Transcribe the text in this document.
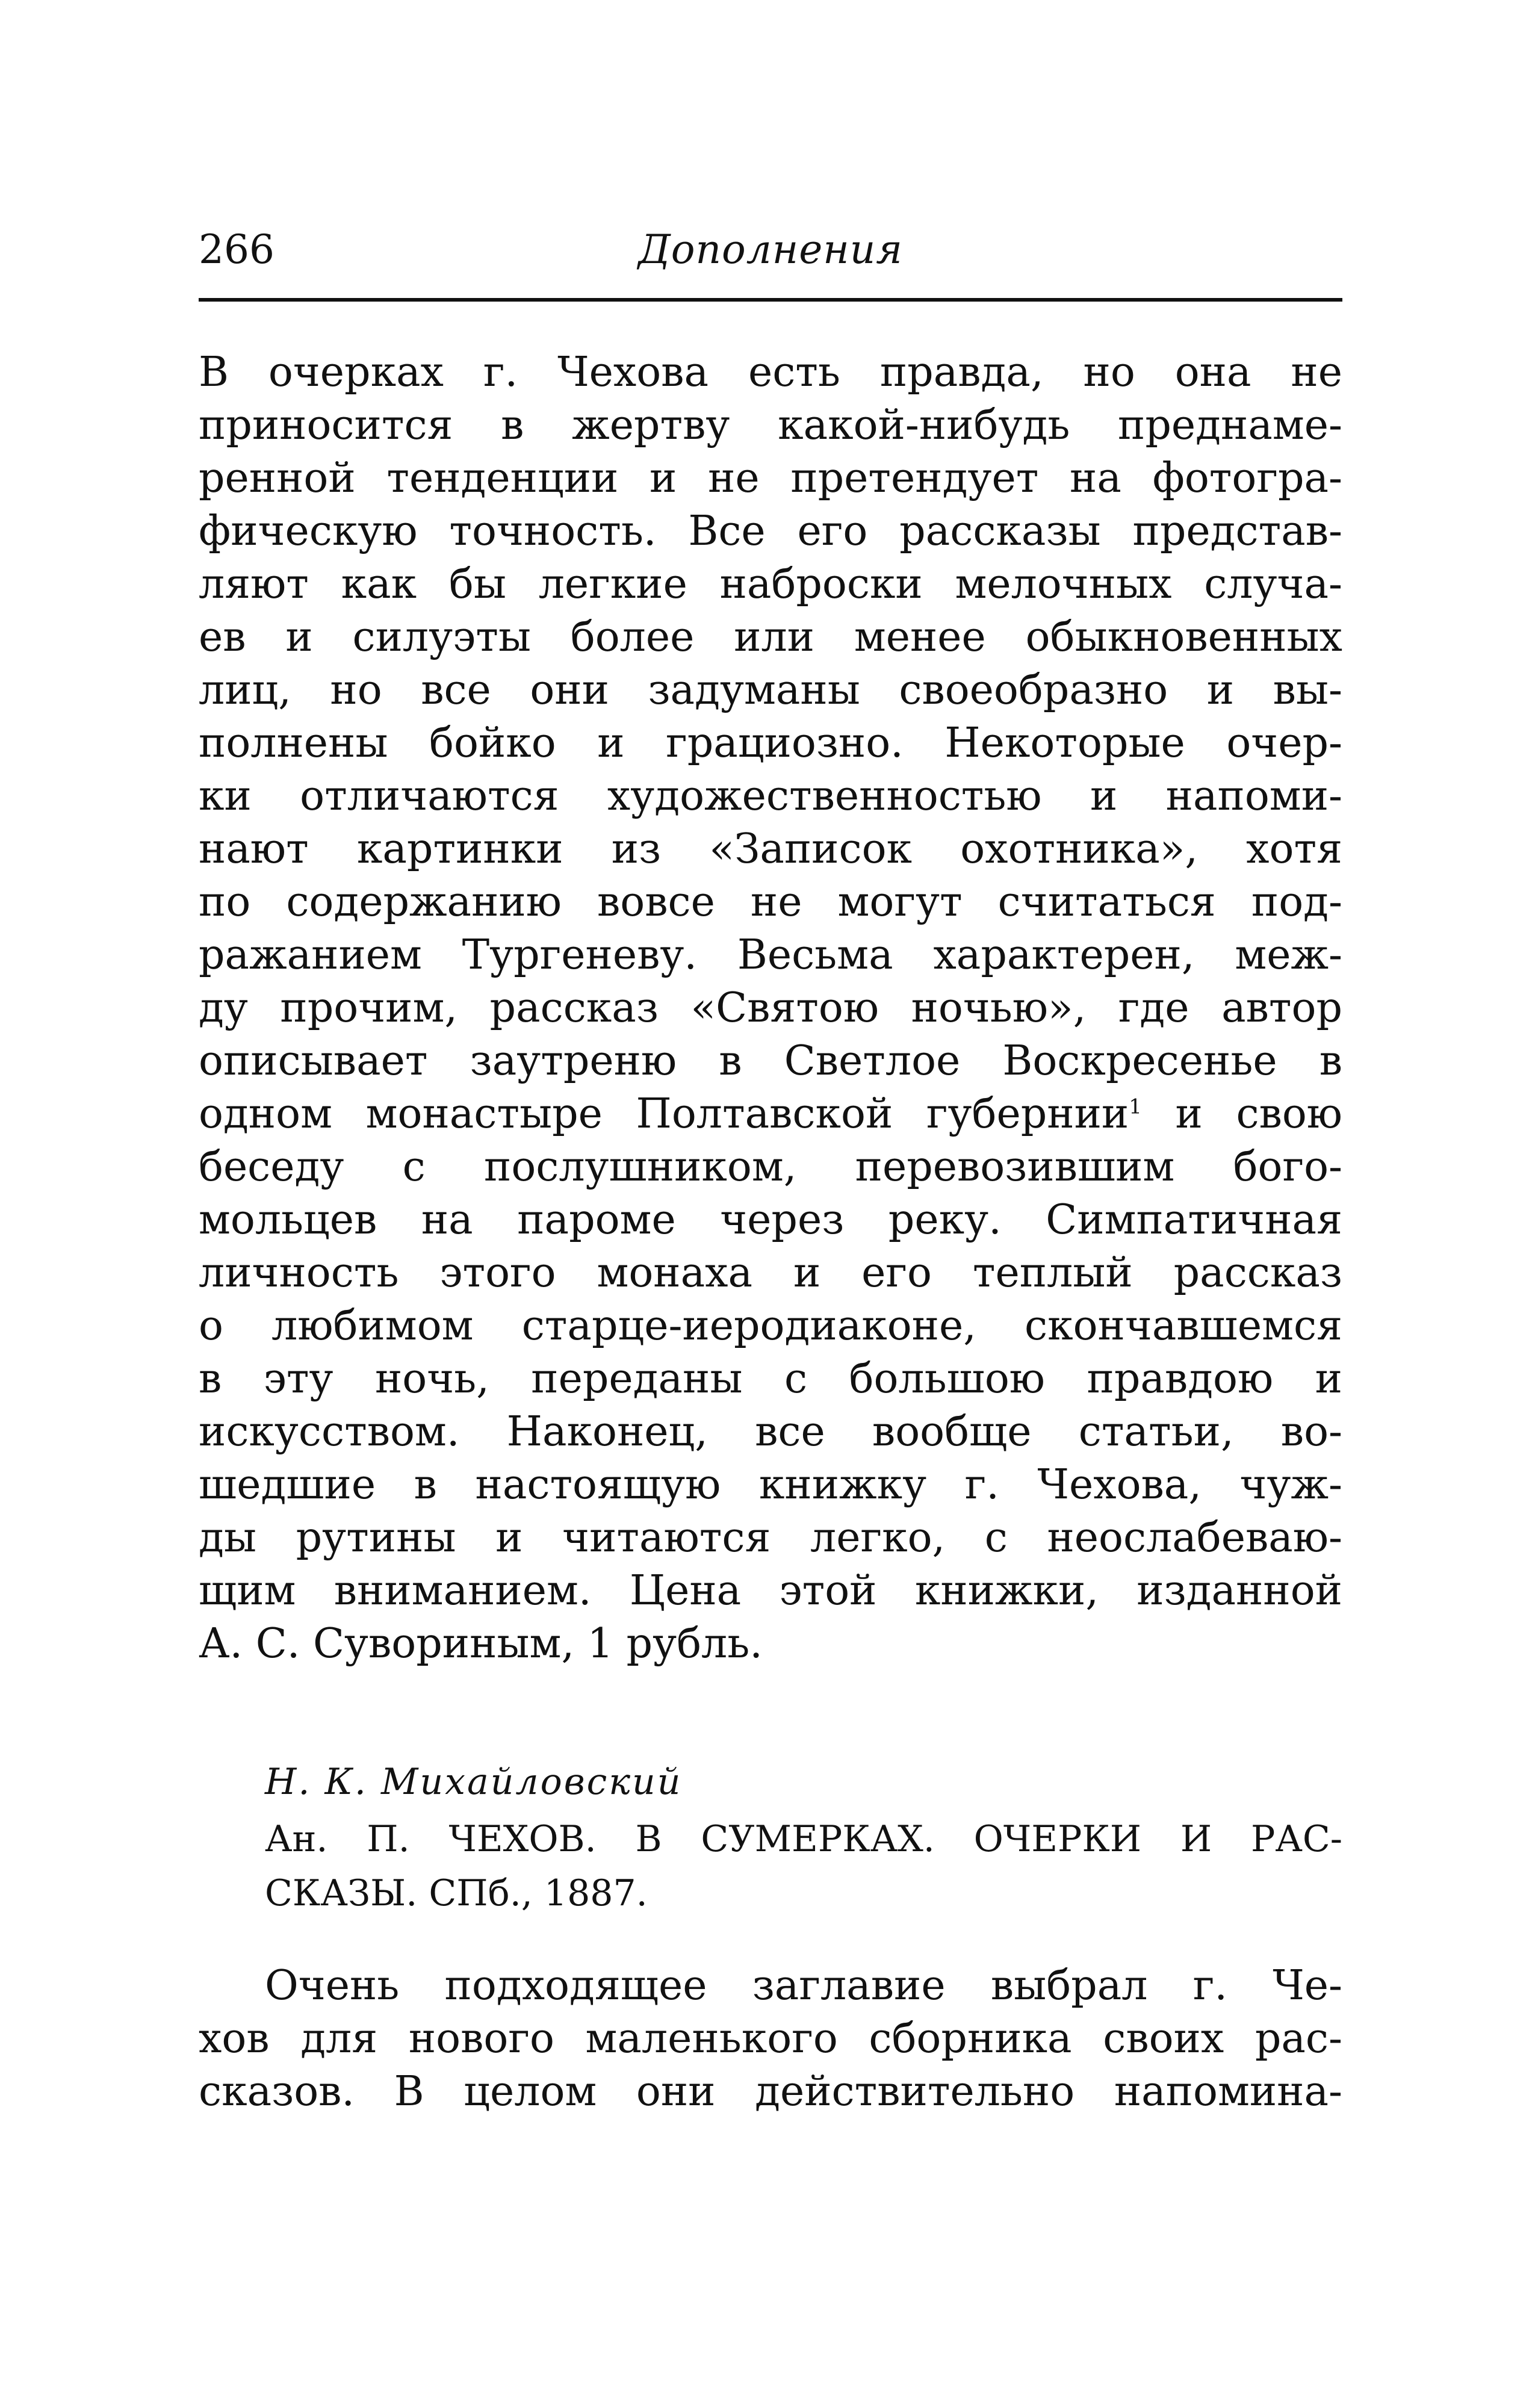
266	Дополнения
В очерках г. Чехова есть правда, но она не
приносится в жертву какой-нибудь преднаме-
ренной тенденции и не претендует на фотогра-
фическую точность. Все его рассказы представ-
ляют как бы легкие наброски мелочных случа-
ев и силуэты более или менее обыкновенных
лиц, но все они задуманы своеобразно и вы-
полнены бойко и грациозно. Некоторые очер-
ки отличаются художественностью и напоми-
нают картинки из «Записок охотника», хотя
по содержанию вовсе не могут считаться под-
ражанием Тургеневу. Весьма характерен, меж-
ду прочим, рассказ «Святою ночью», где автор
описывает заутреню в Светлое Воскресенье в
одном монастыре Полтавской губернии$^1$ и свою
беседу с послушником, перевозившим бого-
мольцев на пароме через реку. Симпатичная
личность этого монаха и его теплый рассказ
о любимом старце-иеродиаконе, скончавшемся
в эту ночь, переданы с большою правдою и
искусством. Наконец, все вообще статьи, во-
шедшие в настоящую книжку г. Чехова, чуж-
ды рутины и читаются легко, с неослабеваю-
щим вниманием. Цена этой книжки, изданной
А. С. Сувориным, 1 рубль.
Н. К. Михайловский
Ан. П. ЧЕХОВ. В СУМЕРКАХ. ОЧЕРКИ И РАС-
СКАЗЫ. СПб., 1887.
Очень подходящее заглавие выбрал г. Че-
хов для нового маленького сборника своих рас-
сказов. В целом они действительно напомина-
